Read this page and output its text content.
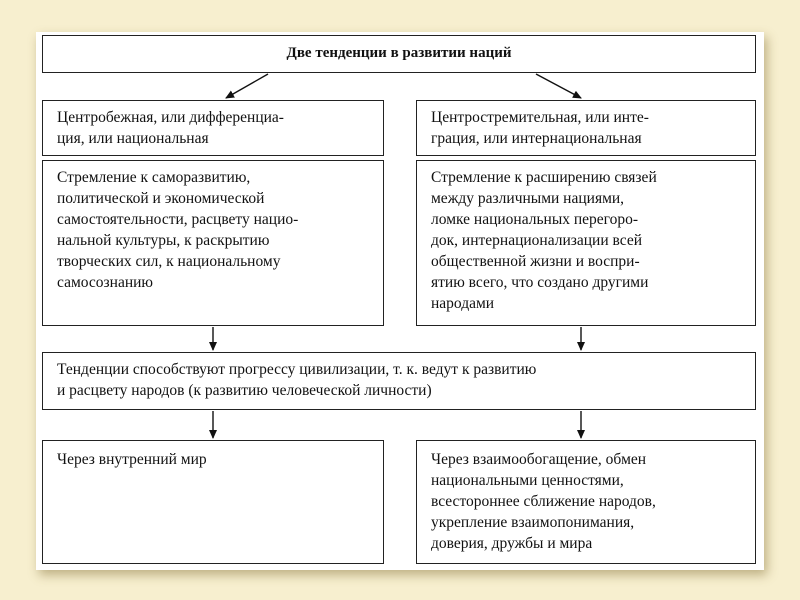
Две тенденции в развитии наций
Центробежная, или дифференциа-
ция, или национальная
Стремление к саморазвитию,
политической и экономической
самостоятельности, расцвету нацио-
нальной культуры, к раскрытию
творческих сил, к национальному
самосознанию
Центростремительная, или инте-
грация, или интернациональная
Стремление к расширению связей
между различными нациями,
ломке национальных перегоро-
док, интернационализации всей
общественной жизни и воспри-
ятию всего, что создано другими
народами
Тенденции способствуют прогрессу цивилизации, т. к. ведут к развитию
и расцвету народов (к развитию человеческой личности)
Через внутренний мир	Через взаимообогащение, обмен
национальными ценностями,
всестороннее сближение народов,
укрепление взаимопонимания,
доверия, дружбы и мира
